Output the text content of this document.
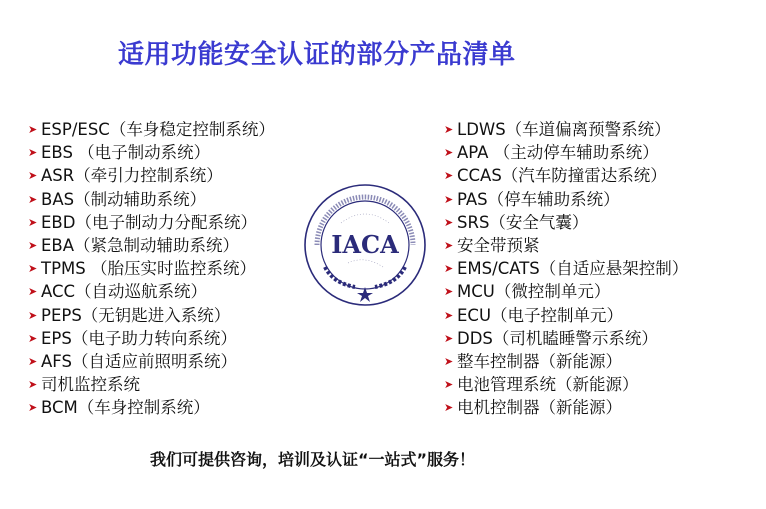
适用功能安全认证的部分产品清单
➤ ESP/ESC（车身稳定控制系统）
➤ EBS （电子制动系统）
➤ ASR（牵引力控制系统）
➤ BAS（制动辅助系统）
➤ EBD（电子制动力分配系统）
➤ EBA（紧急制动辅助系统）
➤ TPMS （胎压实时监控系统）
➤ ACC（自动巡航系统）
➤ PEPS（无钥匙进入系统）
➤ EPS（电子助力转向系统）
➤ AFS（自适应前照明系统）
➤ 司机监控系统
➤ BCM（车身控制系统）
➤ LDWS（车道偏离预警系统）
➤ APA （主动停车辅助系统）
➤ CCAS（汽车防撞雷达系统）
➤ PAS（停车辅助系统）
➤ SRS（安全气囊）
➤ 安全带预紧
➤ EMS/CATS（自适应悬架控制）
➤ MCU（微控制单元）
➤ ECU（电子控制单元）
➤ DDS（司机瞌睡警示系统）
➤ 整车控制器（新能源）
➤ 电池管理系统（新能源）
➤ 电机控制器（新能源）
IACA
我们可提供咨询，培训及认证“一站式”服务！
